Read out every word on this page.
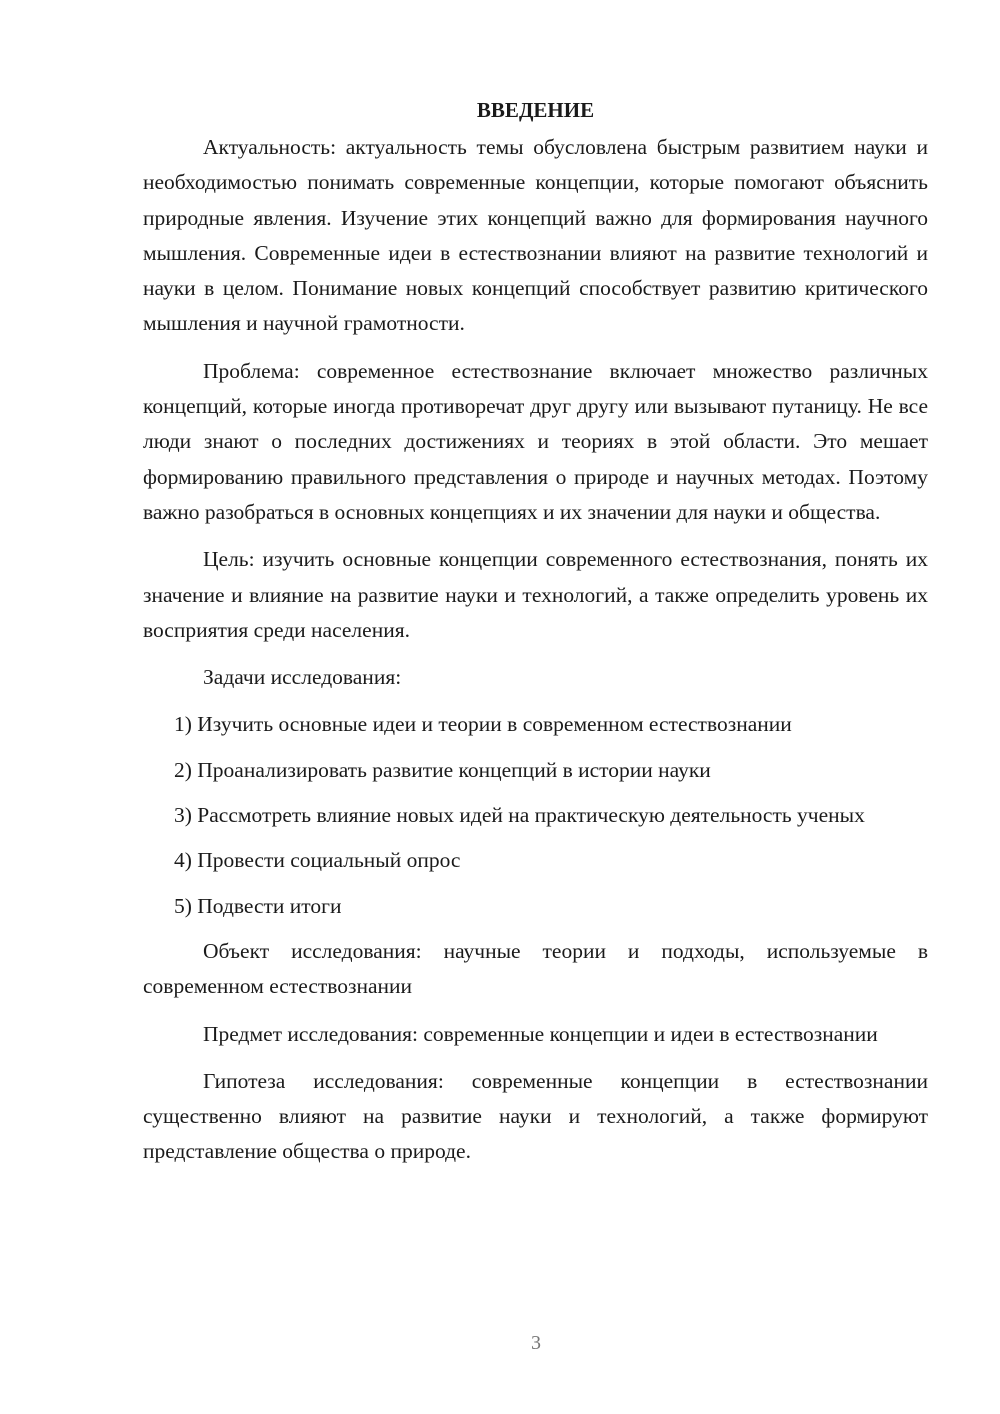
ВВЕДЕНИЕ

Актуальность: актуальность темы обусловлена быстрым развитием науки и необходимостью понимать современные концепции, которые помогают объяснить природные явления. Изучение этих концепций важно для формирования научного мышления. Современные идеи в естествознании влияют на развитие технологий и науки в целом. Понимание новых концепций способствует развитию критического мышления и научной грамотности.

Проблема: современное естествознание включает множество различных концепций, которые иногда противоречат друг другу или вызывают путаницу. Не все люди знают о последних достижениях и теориях в этой области. Это мешает формированию правильного представления о природе и научных методах. Поэтому важно разобраться в основных концепциях и их значении для науки и общества.

Цель: изучить основные концепции современного естествознания, понять их значение и влияние на развитие науки и технологий, а также определить уровень их восприятия среди населения.

Задачи исследования:

1) Изучить основные идеи и теории в современном естествознании

2) Проанализировать развитие концепций в истории науки

3) Рассмотреть влияние новых идей на практическую деятельность ученых

4) Провести социальный опрос

5) Подвести итоги

Объект исследования: научные теории и подходы, используемые в современном естествознании

Предмет исследования: современные концепции и идеи в естествознании

Гипотеза исследования: современные концепции в естествознании существенно влияют на развитие науки и технологий, а также формируют представление общества о природе.

3
